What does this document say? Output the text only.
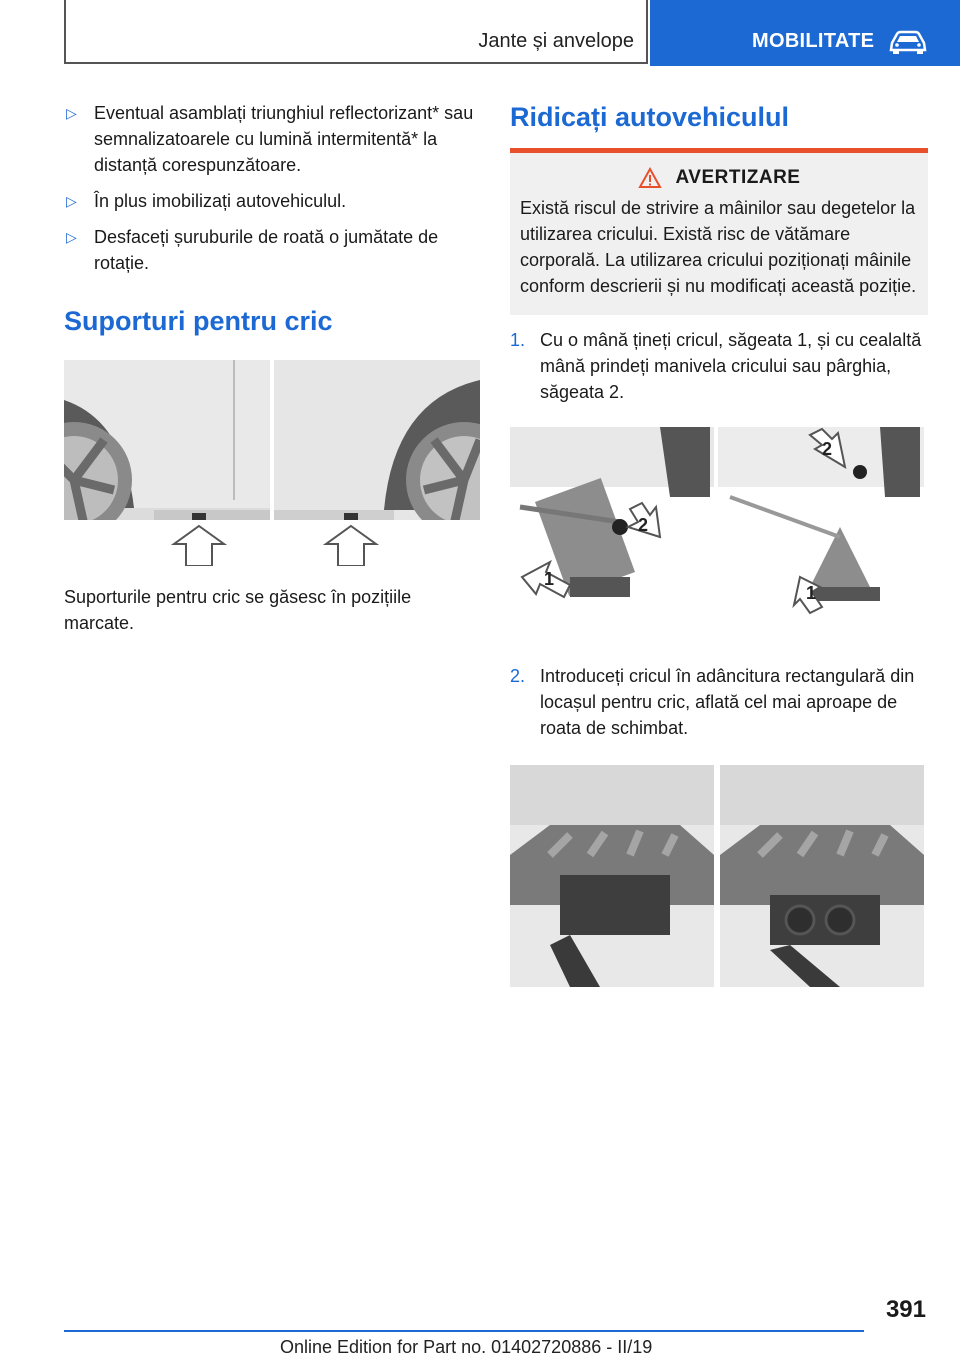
Jante și anvelope	MOBILITATE
▷ Eventual asamblați triunghiul reflectorizant* sau semnalizatoarele cu lumină intermitentă* la distanță corespunzătoare.
▷ În plus imobilizați autovehiculul.
▷ Desfaceți șuruburile de roată o jumătate de rotație.
Suporturi pentru cric
Suporturile pentru cric se găsesc în pozițiile marcate.
Ridicați autovehiculul
AVERTIZARE
Există riscul de strivire a mâinilor sau degetelor la utilizarea cricului. Există risc de vătămare corporală. La utilizarea cricului poziționați mâinile conform descrierii și nu modificați această poziție.
1. Cu o mână țineți cricul, săgeata 1, și cu cealaltă mână prindeți manivela cricului sau pârghia, săgeata 2.
1
2
2
1
2. Introduceți cricul în adâncitura rectangulară din locașul pentru cric, aflată cel mai aproape de roata de schimbat.
391
Online Edition for Part no. 01402720886 - II/19
